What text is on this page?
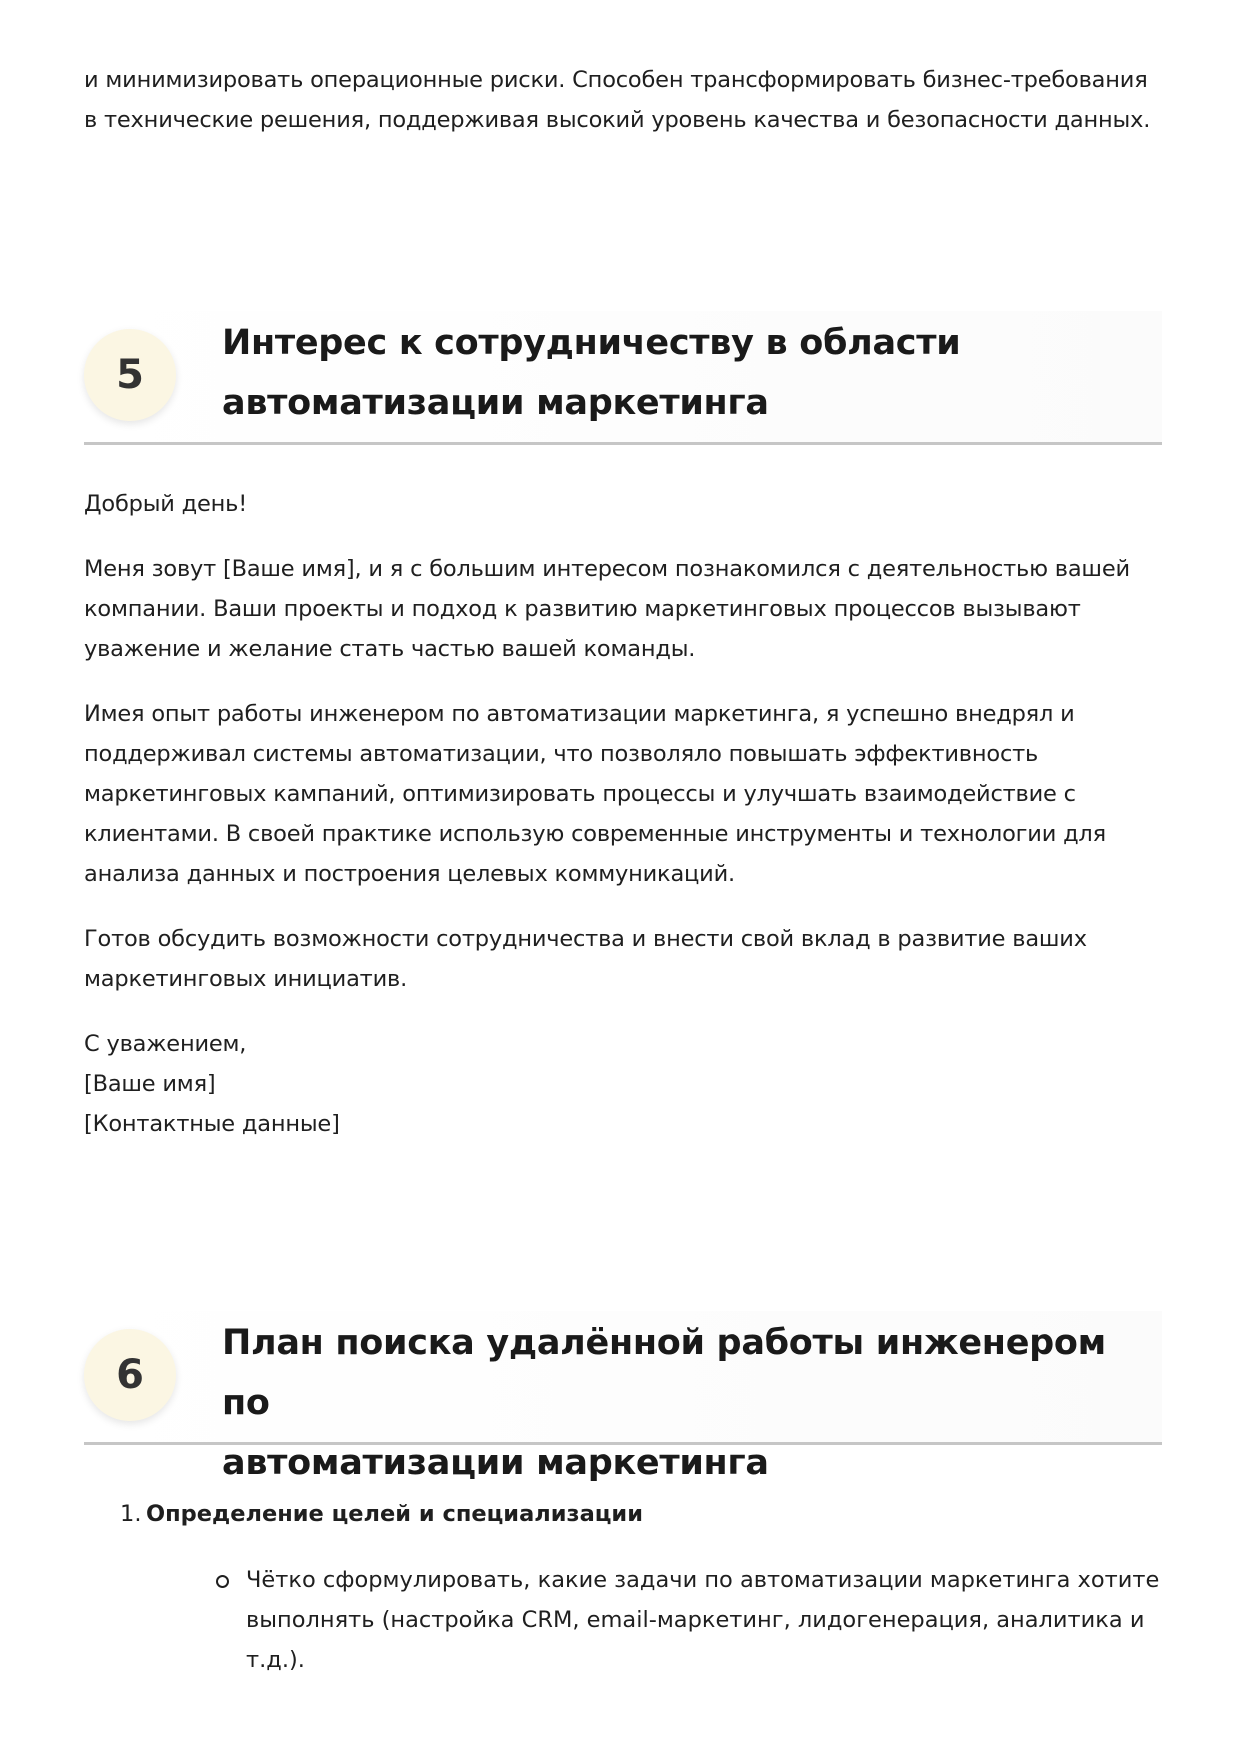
и минимизировать операционные риски. Способен трансформировать бизнес-требования

в технические решения, поддерживая высокий уровень качества и безопасности данных.

5
Интерес к сотрудничеству в области
автоматизации маркетинга

Добрый день!

Меня зовут [Ваше имя], и я с большим интересом познакомился с деятельностью вашей
компании. Ваши проекты и подход к развитию маркетинговых процессов вызывают
уважение и желание стать частью вашей команды.

Имея опыт работы инженером по автоматизации маркетинга, я успешно внедрял и
поддерживал системы автоматизации, что позволяло повышать эффективность
маркетинговых кампаний, оптимизировать процессы и улучшать взаимодействие с
клиентами. В своей практике использую современные инструменты и технологии для
анализа данных и построения целевых коммуникаций.

Готов обсудить возможности сотрудничества и внести свой вклад в развитие ваших
маркетинговых инициатив.

С уважением,

[Ваше имя]

[Контактные данные]

6
План поиска удалённой работы инженером по
автоматизации маркетинга
1. Определение целей и специализации
Чётко сформулировать, какие задачи по автоматизации маркетинга хотите
выполнять (настройка CRM, email-маркетинг, лидогенерация, аналитика и т.д.).
